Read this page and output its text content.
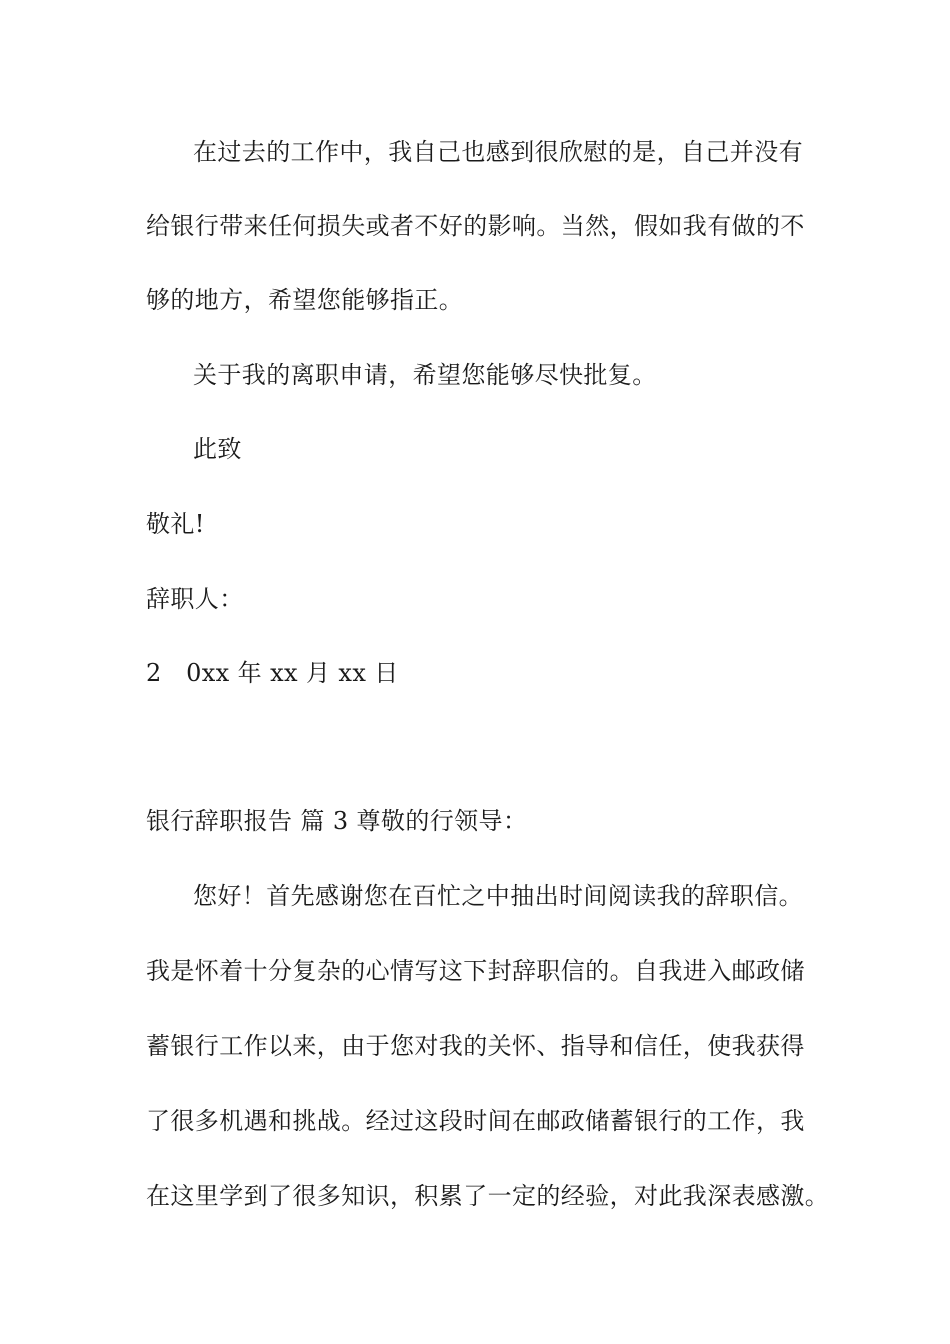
在过去的工作中，我自己也感到很欣慰的是，自己并没有
给银行带来任何损失或者不好的影响。当然，假如我有做的不
够的地方，希望您能够指正。
关于我的离职申请，希望您能够尽快批复。
此致
敬礼!
辞职人：
2　0xx 年 xx 月 xx 日
银行辞职报告 篇 3 尊敬的行领导：
您好！首先感谢您在百忙之中抽出时间阅读我的辞职信。
我是怀着十分复杂的心情写这下封辞职信的。自我进入邮政储
蓄银行工作以来，由于您对我的关怀、指导和信任，使我获得
了很多机遇和挑战。经过这段时间在邮政储蓄银行的工作，我
在这里学到了很多知识，积累了一定的经验，对此我深表感激。
